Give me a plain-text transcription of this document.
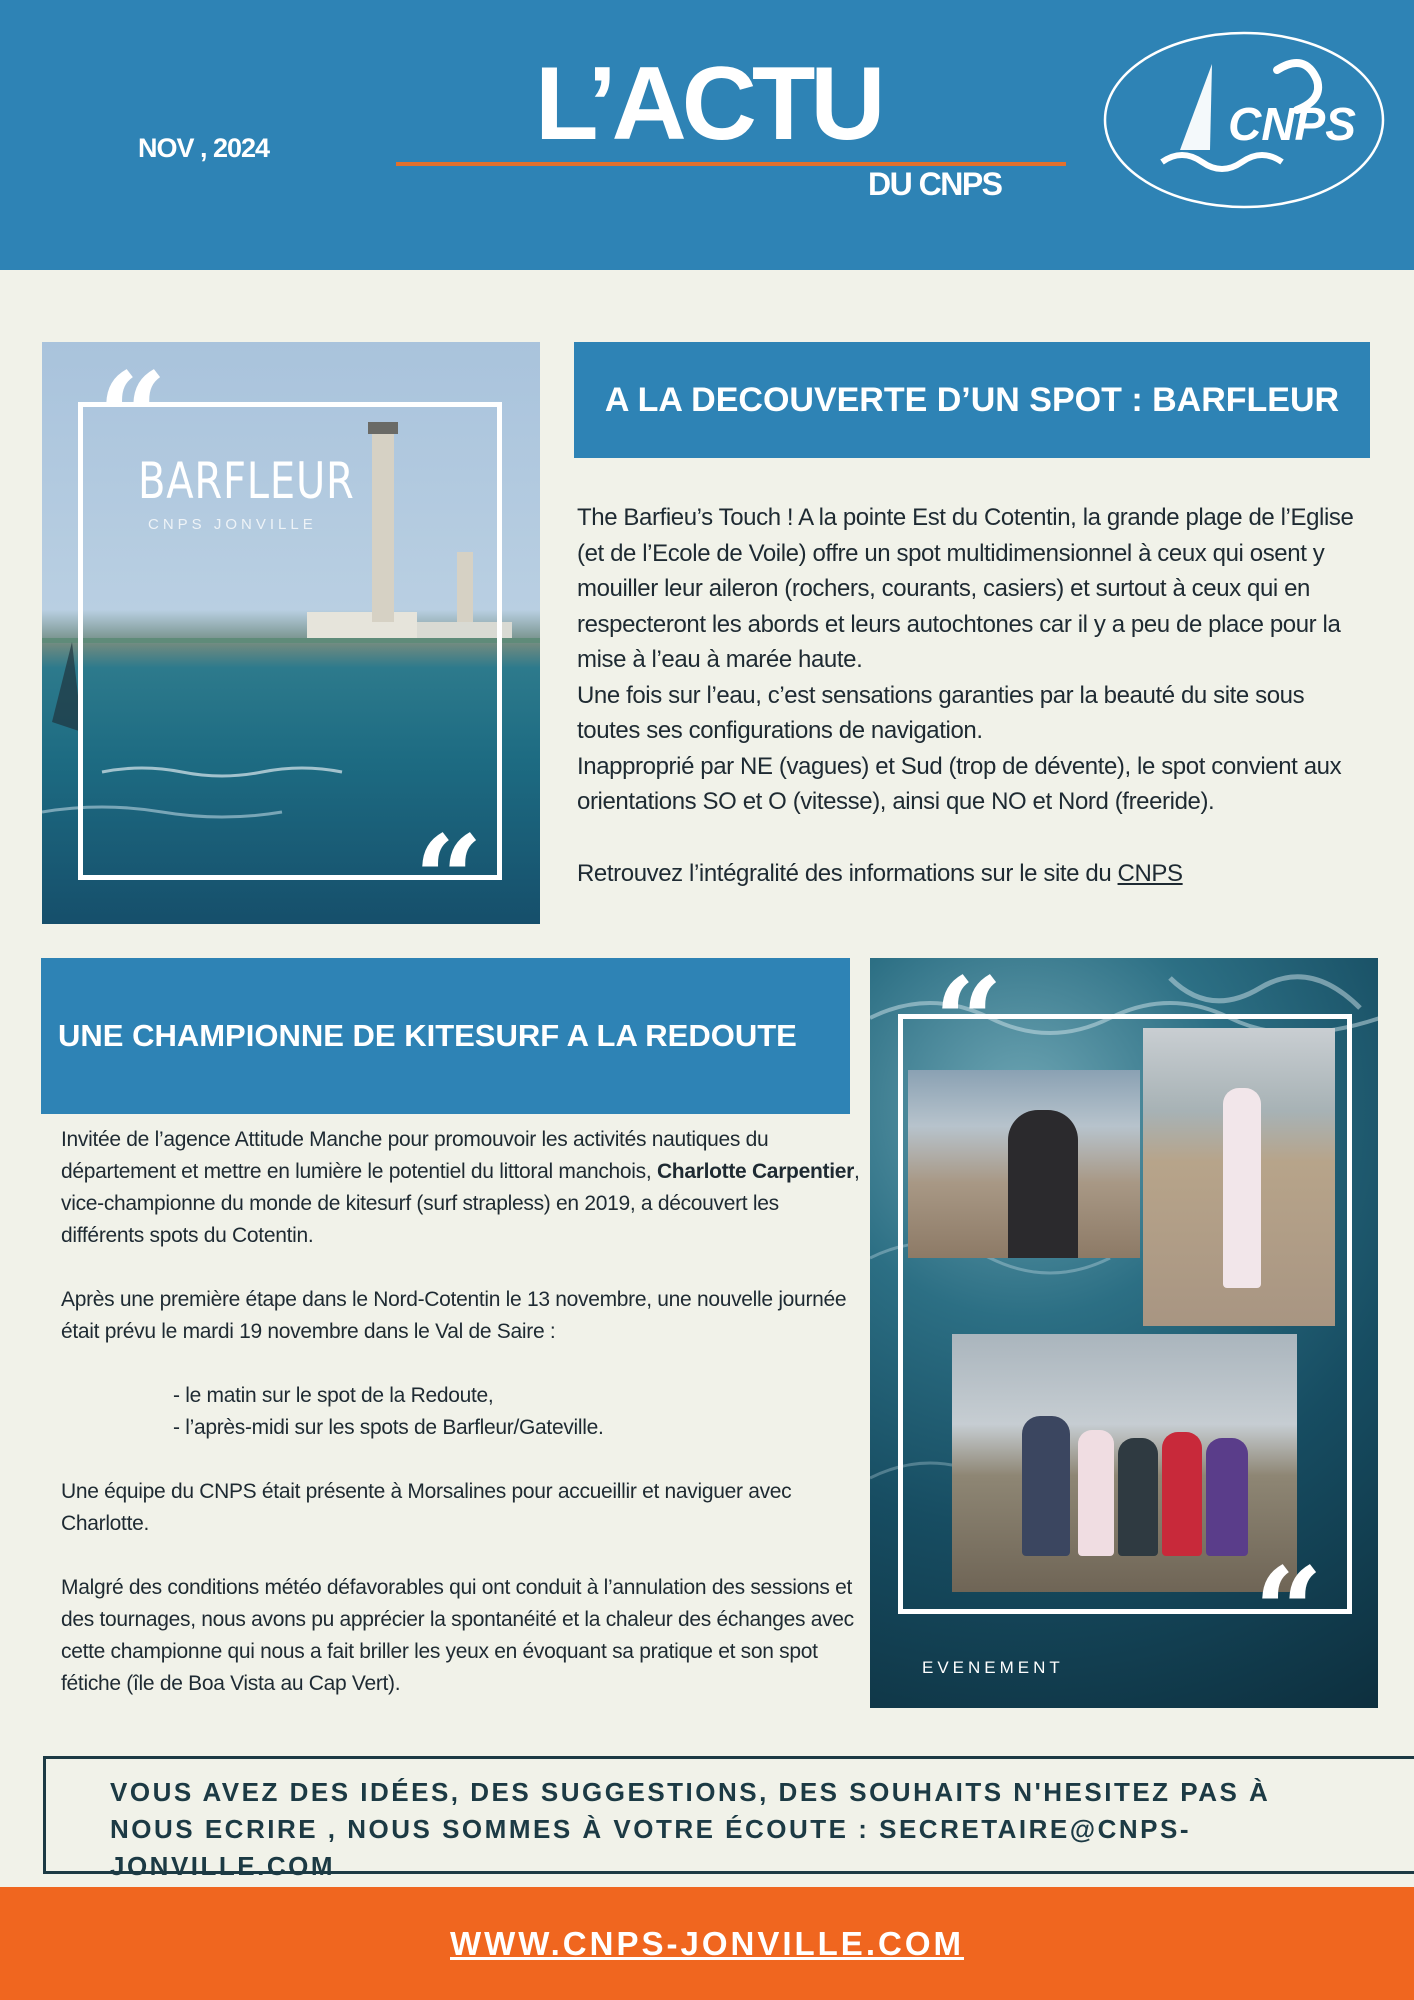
NOV , 2024	L’ACTU
DU CNPS
CNPS
“
“
BARFLEUR
CNPS JONVILLE
A LA DECOUVERTE D’UN SPOT : BARFLEUR

The Barfieu’s Touch ! A la pointe Est du Cotentin, la grande plage de l’Eglise (et de l’Ecole de Voile) offre un spot multidimensionnel à ceux qui osent y mouiller leur aileron (rochers, courants, casiers) et surtout à ceux qui en respecteront les abords et leurs autochtones car il y a peu de place pour la mise à l’eau à marée haute.

Une fois sur l’eau, c’est sensations garanties par la beauté du site sous toutes ses configurations de navigation.

Inapproprié par NE (vagues) et Sud (trop de dévente), le spot convient aux orientations SO et O (vitesse), ainsi que NO et Nord (freeride).

Retrouvez l’intégralité des informations sur le site du CNPS

UNE CHAMPIONNE DE KITESURF A LA REDOUTE

Invitée de l’agence Attitude Manche pour promouvoir les activités nautiques du département et mettre en lumière le potentiel du littoral manchois, Charlotte Carpentier, vice-championne du monde de kitesurf (surf strapless) en 2019, a découvert les différents spots du Cotentin.

Après une première étape dans le Nord-Cotentin le 13 novembre, une nouvelle journée était prévu le mardi 19 novembre dans le Val de Saire :

- le matin sur le spot de la Redoute,
- l’après-midi sur les spots de Barfleur/Gateville.

Une équipe du CNPS était présente à Morsalines pour accueillir et naviguer avec Charlotte.

Malgré des conditions météo défavorables qui ont conduit à l’annulation des sessions et des tournages, nous avons pu apprécier la spontanéité et la chaleur des échanges avec cette championne qui nous a fait briller les yeux en évoquant sa pratique et son spot fétiche (île de Boa Vista au Cap Vert).

“
“
EVENEMENT
VOUS AVEZ DES IDÉES, DES SUGGESTIONS, DES SOUHAITS N'HESITEZ PAS À NOUS ECRIRE , NOUS SOMMES À VOTRE ÉCOUTE : SECRETAIRE@CNPS-JONVILLE.COM
WWW.CNPS-JONVILLE.COM
